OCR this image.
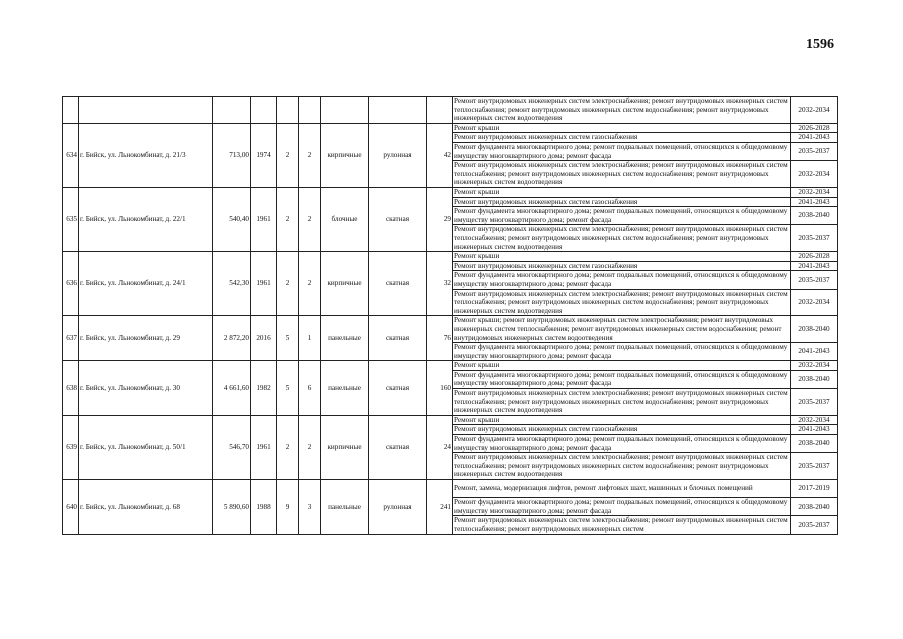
1596
									Ремонт внутридомовых инженерных систем электроснабжения; ремонт внутридомовых инженерных систем теплоснабжения; ремонт внутридомовых инженерных систем водоснабжения; ремонт внутридомовых инженерных систем водоотведения	2032-2034
634	г. Бийск, ул. Льнокомбинат, д. 21/3	713,00	1974	2	2	кирпичные	рулонная	42	Ремонт крыши	2026-2028
									Ремонт внутридомовых инженерных систем газоснабжения	2041-2043
									Ремонт фундамента многоквартирного дома; ремонт подвальных помещений, относящихся к общедомовому имуществу многоквартирного дома; ремонт фасада	2035-2037
									Ремонт внутридомовых инженерных систем электроснабжения; ремонт внутридомовых инженерных систем теплоснабжения; ремонт внутридомовых инженерных систем водоснабжения; ремонт внутридомовых инженерных систем водоотведения	2032-2034
635	г. Бийск, ул. Льнокомбинат, д. 22/1	540,40	1961	2	2	блочные	скатная	29	Ремонт крыши	2032-2034
									Ремонт внутридомовых инженерных систем газоснабжения	2041-2043
									Ремонт фундамента многоквартирного дома; ремонт подвальных помещений, относящихся к общедомовому имуществу многоквартирного дома; ремонт фасада	2038-2040
									Ремонт внутридомовых инженерных систем электроснабжения; ремонт внутридомовых инженерных систем теплоснабжения; ремонт внутридомовых инженерных систем водоснабжения; ремонт внутридомовых инженерных систем водоотведения	2035-2037
636	г. Бийск, ул. Льнокомбинат, д. 24/1	542,30	1961	2	2	кирпичные	скатная	32	Ремонт крыши	2026-2028
									Ремонт внутридомовых инженерных систем газоснабжения	2041-2043
									Ремонт фундамента многоквартирного дома; ремонт подвальных помещений, относящихся к общедомовому имуществу многоквартирного дома; ремонт фасада	2035-2037
									Ремонт внутридомовых инженерных систем электроснабжения; ремонт внутридомовых инженерных систем теплоснабжения; ремонт внутридомовых инженерных систем водоснабжения; ремонт внутридомовых инженерных систем водоотведения	2032-2034
637	г. Бийск, ул. Льнокомбинат, д. 29	2 872,20	2016	5	1	панельные	скатная	76	Ремонт крыши; ремонт внутридомовых инженерных систем электроснабжения; ремонт внутридомовых инженерных систем теплоснабжения; ремонт внутридомовых инженерных систем водоснабжения; ремонт внутридомовых инженерных систем водоотведения	2038-2040
									Ремонт фундамента многоквартирного дома; ремонт подвальных помещений, относящихся к общедомовому имуществу многоквартирного дома; ремонт фасада	2041-2043
638	г. Бийск, ул. Льнокомбинат, д. 30	4 661,60	1982	5	6	панельные	скатная	160	Ремонт крыши	2032-2034
									Ремонт фундамента многоквартирного дома; ремонт подвальных помещений, относящихся к общедомовому имуществу многоквартирного дома; ремонт фасада	2038-2040
									Ремонт внутридомовых инженерных систем электроснабжения; ремонт внутридомовых инженерных систем теплоснабжения; ремонт внутридомовых инженерных систем водоснабжения; ремонт внутридомовых инженерных систем водоотведения	2035-2037
639	г. Бийск, ул. Льнокомбинат, д. 50/1	546,70	1961	2	2	кирпичные	скатная	24	Ремонт крыши	2032-2034
									Ремонт внутридомовых инженерных систем газоснабжения	2041-2043
									Ремонт фундамента многоквартирного дома; ремонт подвальных помещений, относящихся к общедомовому имуществу многоквартирного дома; ремонт фасада	2038-2040
									Ремонт внутридомовых инженерных систем электроснабжения; ремонт внутридомовых инженерных систем теплоснабжения; ремонт внутридомовых инженерных систем водоснабжения; ремонт внутридомовых инженерных систем водоотведения	2035-2037
640	г. Бийск, ул. Льнокомбинат, д. 68	5 890,60	1988	9	3	панельные	рулонная	241	Ремонт, замена, модернизация лифтов, ремонт лифтовых шахт, машинных и блочных помещений	2017-2019
									Ремонт фундамента многоквартирного дома; ремонт подвальных помещений, относящихся к общедомовому имуществу многоквартирного дома; ремонт фасада	2038-2040
									Ремонт внутридомовых инженерных систем электроснабжения; ремонт внутридомовых инженерных систем теплоснабжения; ремонт внутридомовых инженерных систем	2035-2037
